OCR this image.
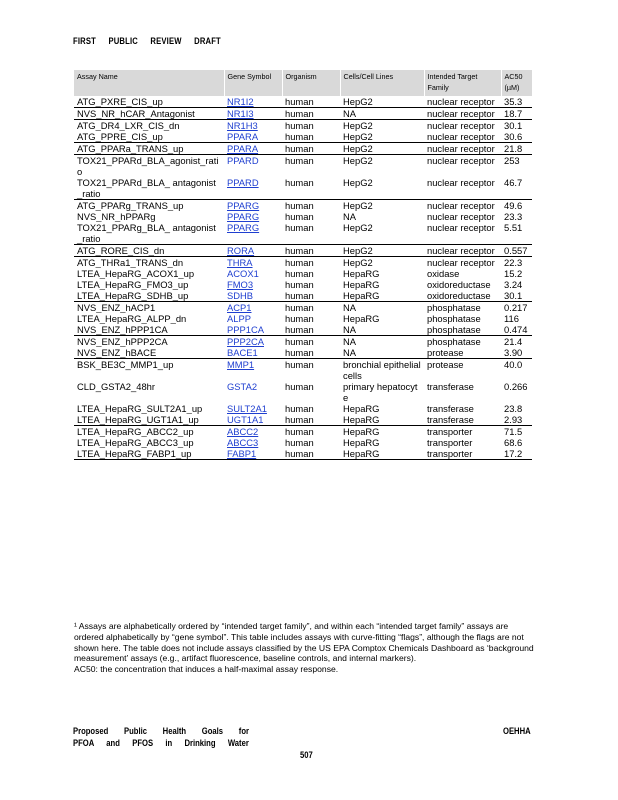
FIRST PUBLIC REVIEW DRAFT
Assay Name	Gene Symbol	Organism	Cells/Cell Lines	Intended Target Family	AC50 (µM)
ATG_PXRE_CIS_up	NR1I2	human	HepG2	nuclear receptor	35.3
NVS_NR_hCAR_Antagonist	NR1I3	human	NA	nuclear receptor	18.7
ATG_DR4_LXR_CIS_dn	NR1H3	human	HepG2	nuclear receptor	30.1
ATG_PPRE_CIS_up	PPARA	human	HepG2	nuclear receptor	30.6
ATG_PPARa_TRANS_up	PPARA	human	HepG2	nuclear receptor	21.8
TOX21_PPARd_BLA_agonist_ratio	PPARD	human	HepG2	nuclear receptor	253
TOX21_PPARd_BLA_ antagonist_ratio	PPARD	human	HepG2	nuclear receptor	46.7
ATG_PPARg_TRANS_up	PPARG	human	HepG2	nuclear receptor	49.6
NVS_NR_hPPARg	PPARG	human	NA	nuclear receptor	23.3
TOX21_PPARg_BLA_ antagonist_ratio	PPARG	human	HepG2	nuclear receptor	5.51
ATG_RORE_CIS_dn	RORA	human	HepG2	nuclear receptor	0.557
ATG_THRa1_TRANS_dn	THRA	human	HepG2	nuclear receptor	22.3
LTEA_HepaRG_ACOX1_up	ACOX1	human	HepaRG	oxidase	15.2
LTEA_HepaRG_FMO3_up	FMO3	human	HepaRG	oxidoreductase	3.24
LTEA_HepaRG_SDHB_up	SDHB	human	HepaRG	oxidoreductase	30.1
NVS_ENZ_hACP1	ACP1	human	NA	phosphatase	0.217
LTEA_HepaRG_ALPP_dn	ALPP	human	HepaRG	phosphatase	116
NVS_ENZ_hPPP1CA	PPP1CA	human	NA	phosphatase	0.474
NVS_ENZ_hPPP2CA	PPP2CA	human	NA	phosphatase	21.4
NVS_ENZ_hBACE	BACE1	human	NA	protease	3.90
BSK_BE3C_MMP1_up	MMP1	human	bronchial epithelialcells	protease	40.0
CLD_GSTA2_48hr	GSTA2	human	primary hepatocyte	transferase	0.266
LTEA_HepaRG_SULT2A1_up	SULT2A1	human	HepaRG	transferase	23.8
LTEA_HepaRG_UGT1A1_up	UGT1A1	human	HepaRG	transferase	2.93
LTEA_HepaRG_ABCC2_up	ABCC2	human	HepaRG	transporter	71.5
LTEA_HepaRG_ABCC3_up	ABCC3	human	HepaRG	transporter	68.6
LTEA_HepaRG_FABP1_up	FABP1	human	HepaRG	transporter	17.2

¹ Assays are alphabetically ordered by “intended target family”, and within each “intended target family” assays are ordered alphabetically by “gene symbol”. This table includes assays with curve-fitting “flags”, although the flags are not shown here. The table does not include assays classified by the US EPA Comptox Chemicals Dashboard as ‘background measurement’ assays (e.g., artifact fluorescence, baseline controls, and internal markers).

AC50: the concentration that induces a half-maximal assay response.

Proposed Public Health Goals for
PFOA and PFOS in Drinking Water
OEHHA
507
